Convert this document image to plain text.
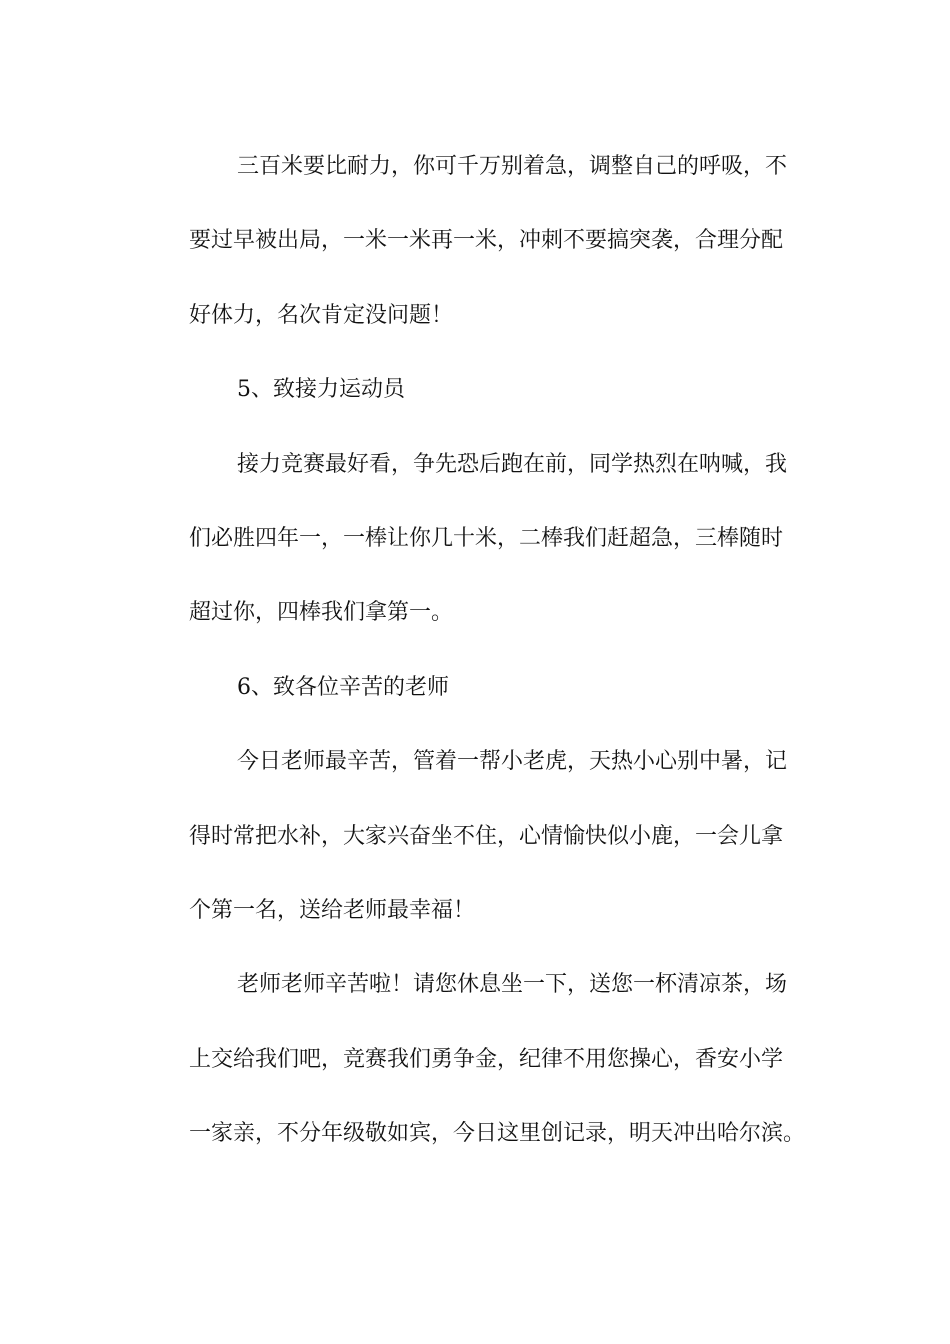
三百米要比耐力，你可千万别着急，调整自己的呼吸，不
要过早被出局，一米一米再一米，冲刺不要搞突袭，合理分配
好体力，名次肯定没问题！
5、致接力运动员
接力竞赛最好看，争先恐后跑在前，同学热烈在呐喊，我
们必胜四年一，一棒让你几十米，二棒我们赶超急，三棒随时
超过你，四棒我们拿第一。
6、致各位辛苦的老师
今日老师最辛苦，管着一帮小老虎，天热小心别中暑，记
得时常把水补，大家兴奋坐不住，心情愉快似小鹿，一会儿拿
个第一名，送给老师最幸福！
老师老师辛苦啦！请您休息坐一下，送您一杯清凉茶，场
上交给我们吧，竞赛我们勇争金，纪律不用您操心，香安小学
一家亲，不分年级敬如宾，今日这里创记录，明天冲出哈尔滨。
